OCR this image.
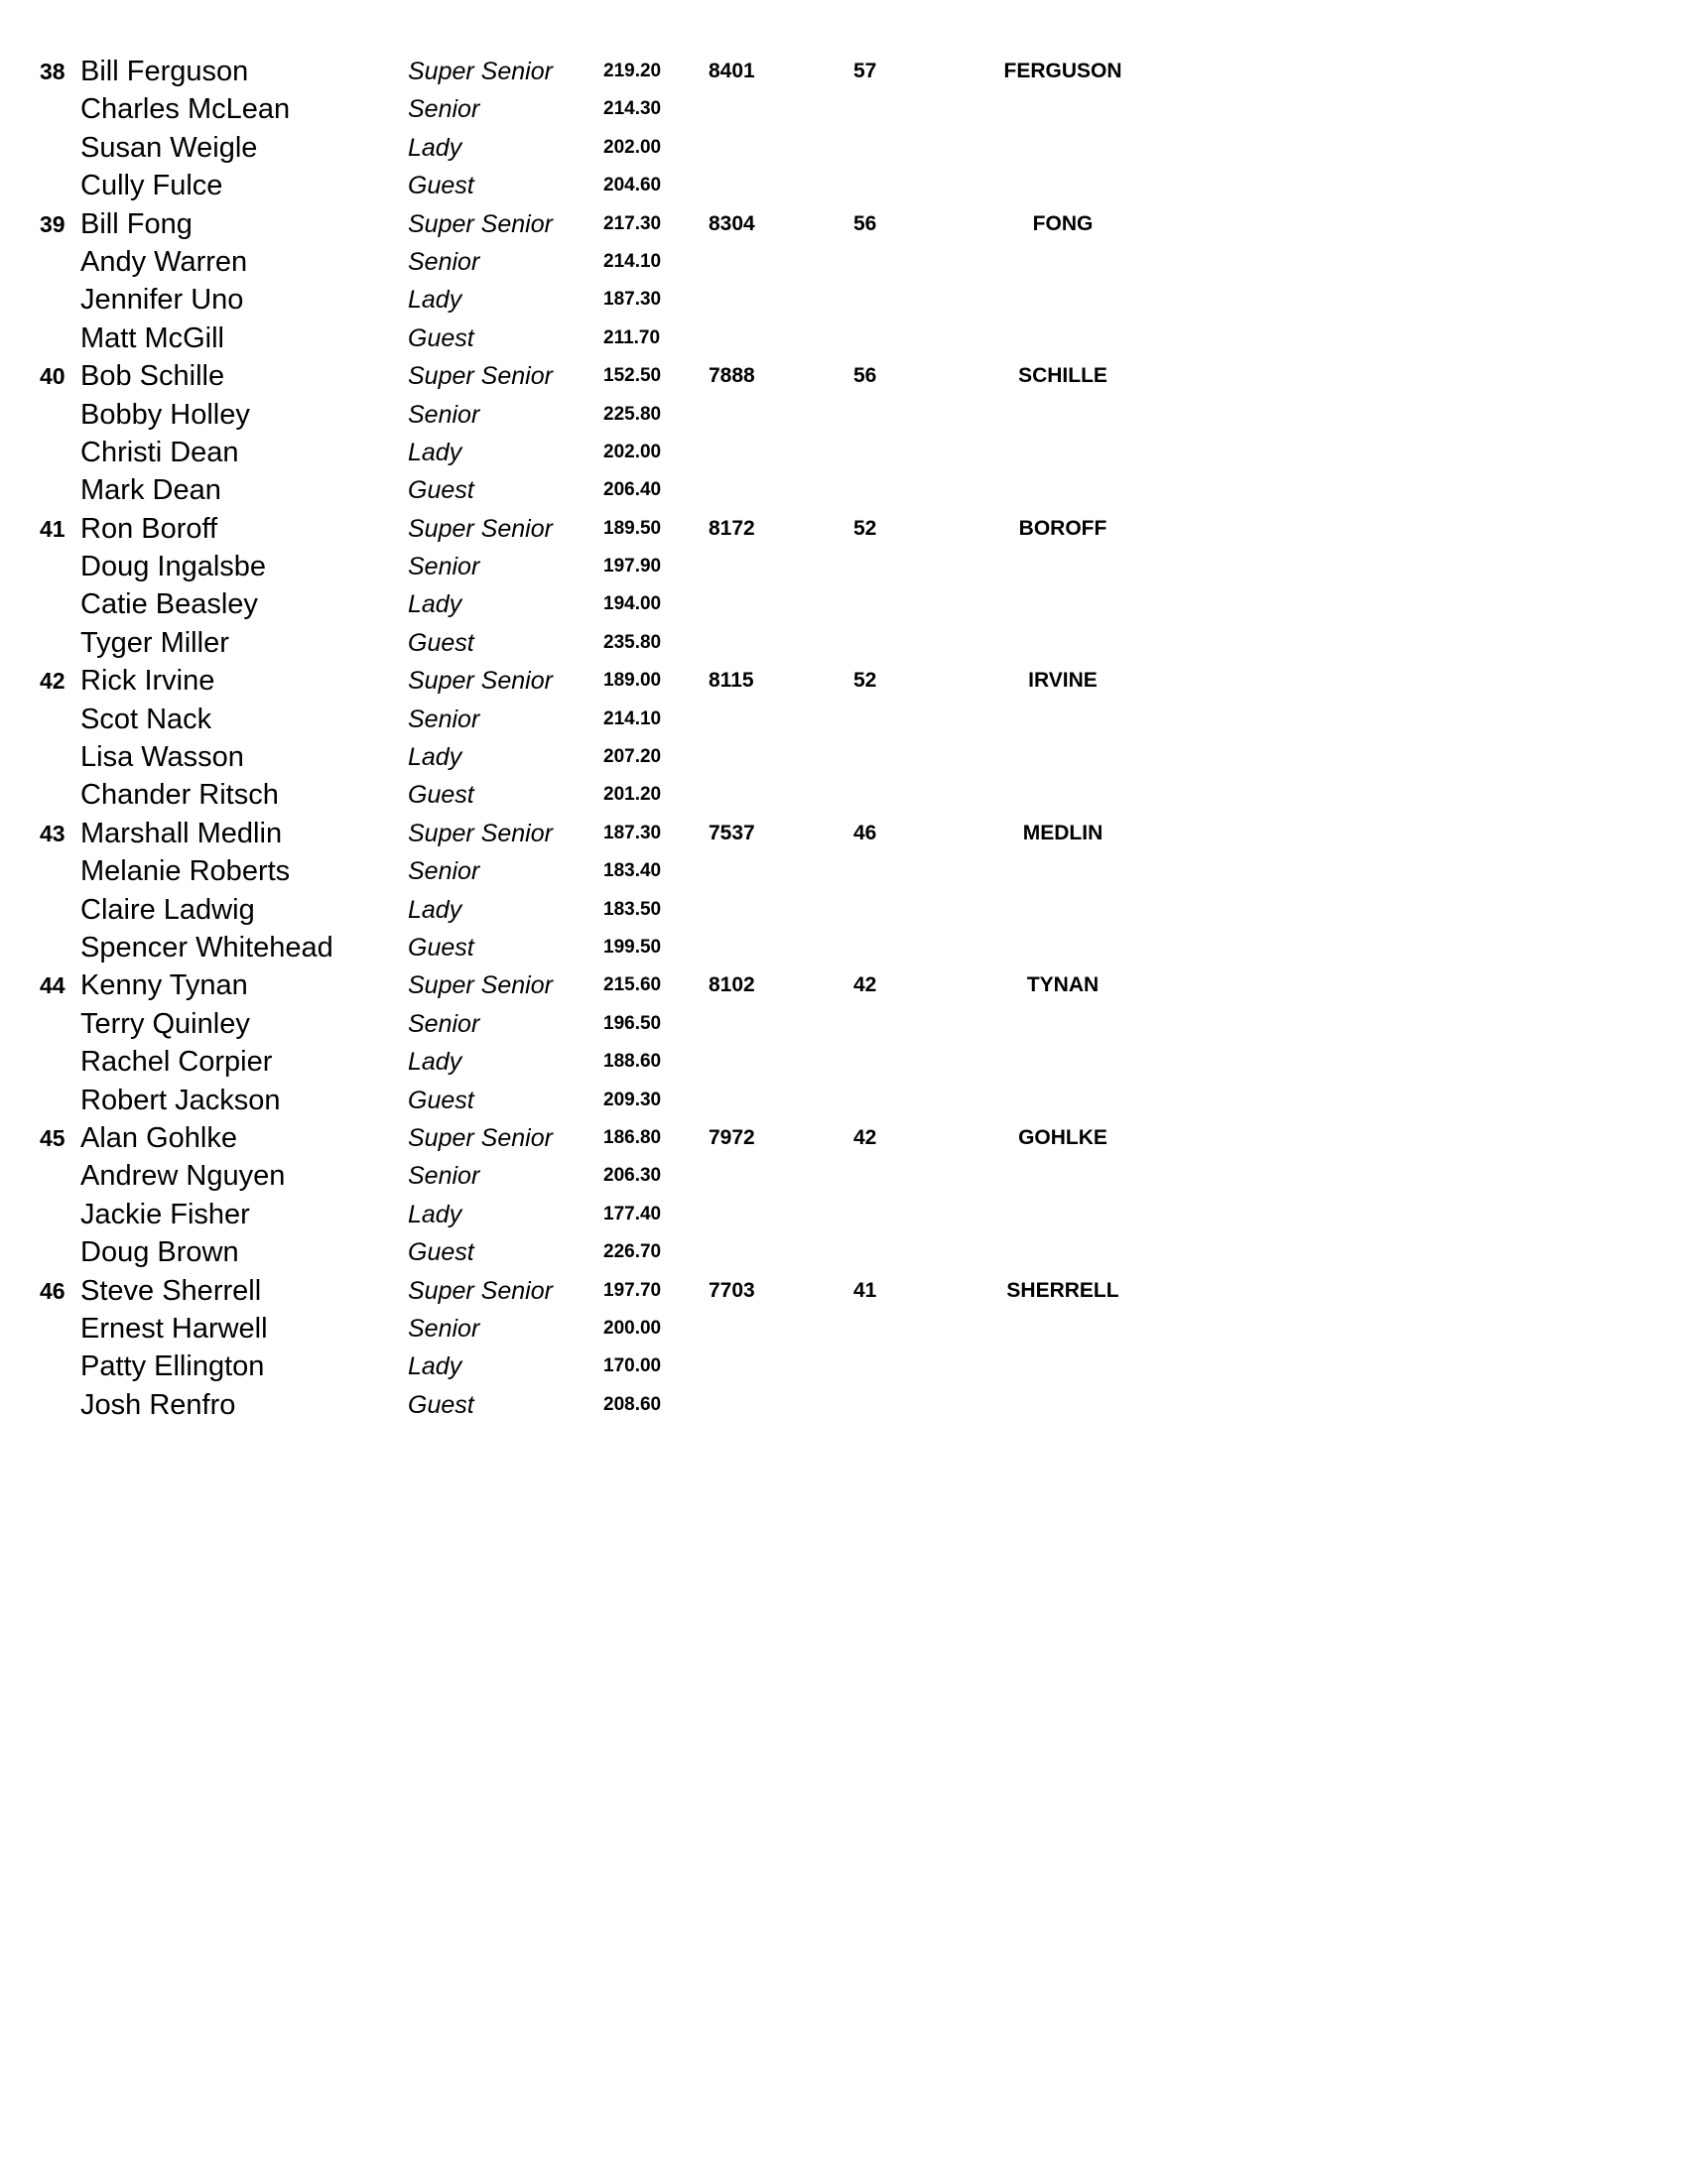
38 Bill Ferguson	Super Senior	219.20 8401	57	FERGUSON
Charles McLean	Senior	214.30
Susan Weigle	Lady	202.00
Cully Fulce	Guest	204.60
39 Bill Fong	Super Senior	217.30 8304	56	FONG
Andy Warren	Senior	214.10
Jennifer Uno	Lady	187.30
Matt McGill	Guest	211.70
40 Bob Schille	Super Senior	152.50 7888	56	SCHILLE
Bobby Holley	Senior	225.80
Christi Dean	Lady	202.00
Mark Dean	Guest	206.40
41 Ron Boroff	Super Senior	189.50 8172	52	BOROFF
Doug Ingalsbe	Senior	197.90
Catie Beasley	Lady	194.00
Tyger Miller	Guest	235.80
42 Rick Irvine	Super Senior	189.00 8115	52	IRVINE
Scot Nack	Senior	214.10
Lisa Wasson	Lady	207.20
Chander Ritsch	Guest	201.20
43 Marshall Medlin	Super Senior	187.30 7537	46	MEDLIN
Melanie Roberts	Senior	183.40
Claire Ladwig	Lady	183.50
Spencer Whitehead	Guest	199.50
44 Kenny Tynan	Super Senior	215.60 8102	42	TYNAN
Terry Quinley	Senior	196.50
Rachel Corpier	Lady	188.60
Robert Jackson	Guest	209.30
45 Alan Gohlke	Super Senior	186.80 7972	42	GOHLKE
Andrew Nguyen	Senior	206.30
Jackie Fisher	Lady	177.40
Doug Brown	Guest	226.70
46 Steve Sherrell	Super Senior	197.70 7703	41	SHERRELL
Ernest Harwell	Senior	200.00
Patty Ellington	Lady	170.00
Josh Renfro	Guest	208.60
